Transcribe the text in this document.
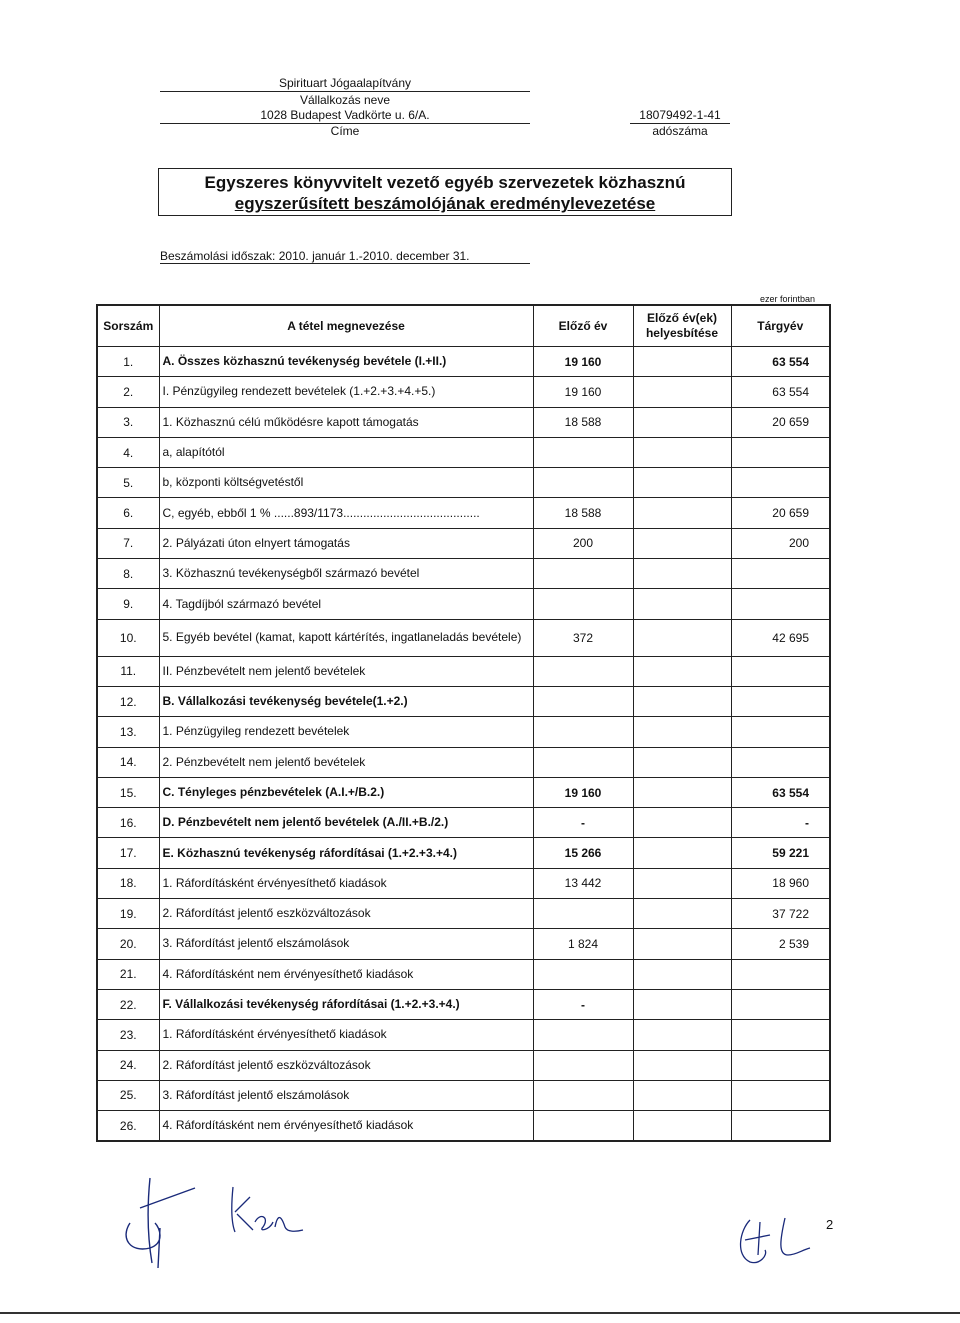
Spirituart Jógaalapítvány
Vállalkozás neve
1028 Budapest Vadkörte u. 6/A.
Címe
18079492-1-41
adószáma
Egyszeres könyvvitelt vezető egyéb szervezetek közhasznú
egyszerűsített beszámolójának eredménylevezetése
Beszámolási időszak: 2010. január 1.-2010. december 31.
ezer forintban
Sorszám	A tétel megnevezése	Előző év	Előző év(ek) helyesbítése	Tárgyév
1.	A. Összes közhasznú tevékenység bevétele (I.+II.)	19 160		63 554
2.	I. Pénzügyileg rendezett bevételek (1.+2.+3.+4.+5.)	19 160		63 554
3.	1. Közhasznú célú működésre kapott támogatás	18 588		20 659
4.	a, alapítótól			
5.	b, központi költségvetéstől			
6.	C, egyéb, ebből 1 % ......893/1173.........................................	18 588		20 659
7.	2. Pályázati úton elnyert támogatás	200		200
8.	3. Közhasznú tevékenységből származó bevétel			
9.	4. Tagdíjból származó bevétel			
10.	5. Egyéb bevétel (kamat, kapott kártérítés, ingatlaneladás bevétele)	372		42 695
11.	II. Pénzbevételt nem jelentő bevételek			
12.	B. Vállalkozási tevékenység bevétele(1.+2.)			
13.	1. Pénzügyileg rendezett bevételek			
14.	2. Pénzbevételt nem jelentő bevételek			
15.	C. Tényleges pénzbevételek (A.I.+/B.2.)	19 160		63 554
16.	D. Pénzbevételt nem jelentő bevételek (A./II.+B./2.)	-		-
17.	E. Közhasznú tevékenység ráfordításai (1.+2.+3.+4.)	15 266		59 221
18.	1. Ráfordításként érvényesíthető kiadások	13 442		18 960
19.	2. Ráfordítást jelentő eszközváltozások			37 722
20.	3. Ráfordítást jelentő elszámolások	1 824		2 539
21.	4. Ráfordításként nem érvényesíthető kiadások			
22.	F. Vállalkozási tevékenység ráfordításai (1.+2.+3.+4.)	-		
23.	1. Ráfordításként érvényesíthető kiadások			
24.	2. Ráfordítást jelentő eszközváltozások			
25.	3. Ráfordítást jelentő elszámolások			
26.	4. Ráfordításként nem érvényesíthető kiadások			
2
